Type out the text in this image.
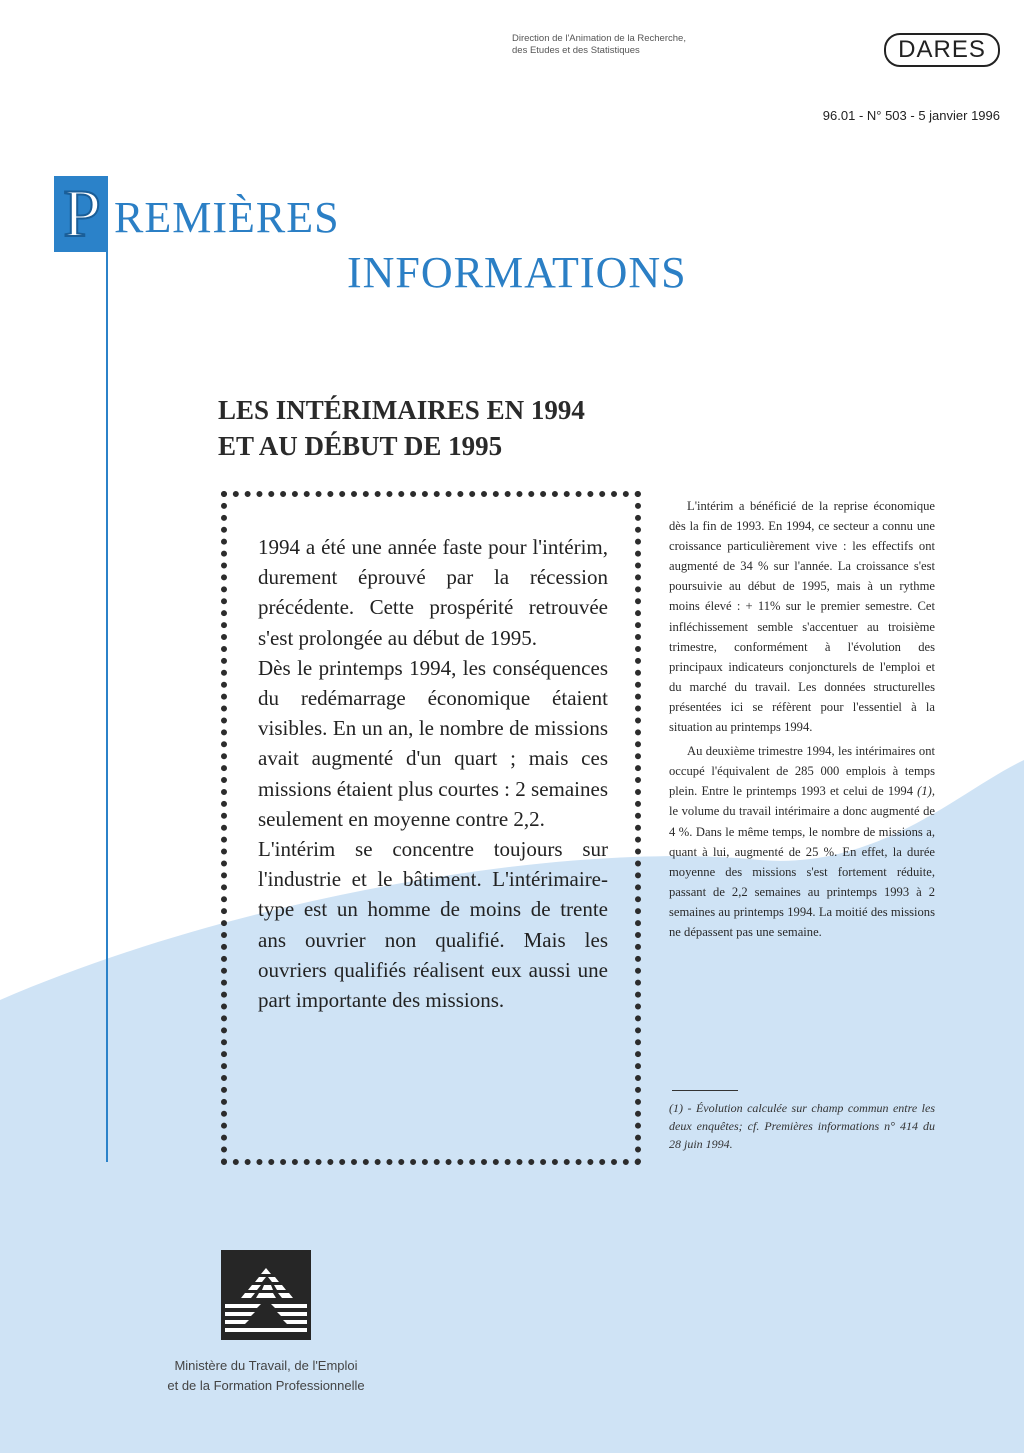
Direction de l'Animation de la Recherche,
des Etudes et des Statistiques	DARES
96.01 - N° 503 - 5 janvier 1996
P REMIÈRES
INFORMATIONS
LES INTÉRIMAIRES EN 1994
ET AU DÉBUT DE 1995

1994 a été une année faste pour l'intérim, durement éprouvé par la récession précédente. Cette prospérité retrouvée s'est prolongée au début de 1995.

Dès le printemps 1994, les conséquences du redémarrage économique étaient visibles. En un an, le nombre de missions avait augmenté d'un quart ; mais ces missions étaient plus courtes : 2 semaines seulement en moyenne contre 2,2.

L'intérim se concentre toujours sur l'industrie et le bâtiment. L'intérimaire-type est un homme de moins de trente ans ouvrier non qualifié. Mais les ouvriers qualifiés réalisent eux aussi une part importante des missions.

L'intérim a bénéficié de la reprise économique dès la fin de 1993. En 1994, ce secteur a connu une croissance particulièrement vive : les effectifs ont augmenté de 34 % sur l'année. La croissance s'est poursuivie au début de 1995, mais à un rythme moins élevé : + 11% sur le premier semestre. Cet infléchissement semble s'accentuer au troisième trimestre, conformément à l'évolution des principaux indicateurs conjoncturels de l'emploi et du marché du travail. Les données structurelles présentées ici se réfèrent pour l'essentiel à la situation au printemps 1994.

Au deuxième trimestre 1994, les intérimaires ont occupé l'équivalent de 285 000 emplois à temps plein. Entre le printemps 1993 et celui de 1994 (1), le volume du travail intérimaire a donc augmenté de 4 %. Dans le même temps, le nombre de missions a, quant à lui, augmenté de 25 %. En effet, la durée moyenne des missions s'est fortement réduite, passant de 2,2 semaines au printemps 1993 à 2 semaines au printemps 1994. La moitié des missions ne dépassent pas une semaine.

(1) - Évolution calculée sur champ commun entre les deux enquêtes; cf. Premières informations n° 414 du 28 juin 1994.
Ministère du Travail, de l'Emploi
et de la Formation Professionnelle
